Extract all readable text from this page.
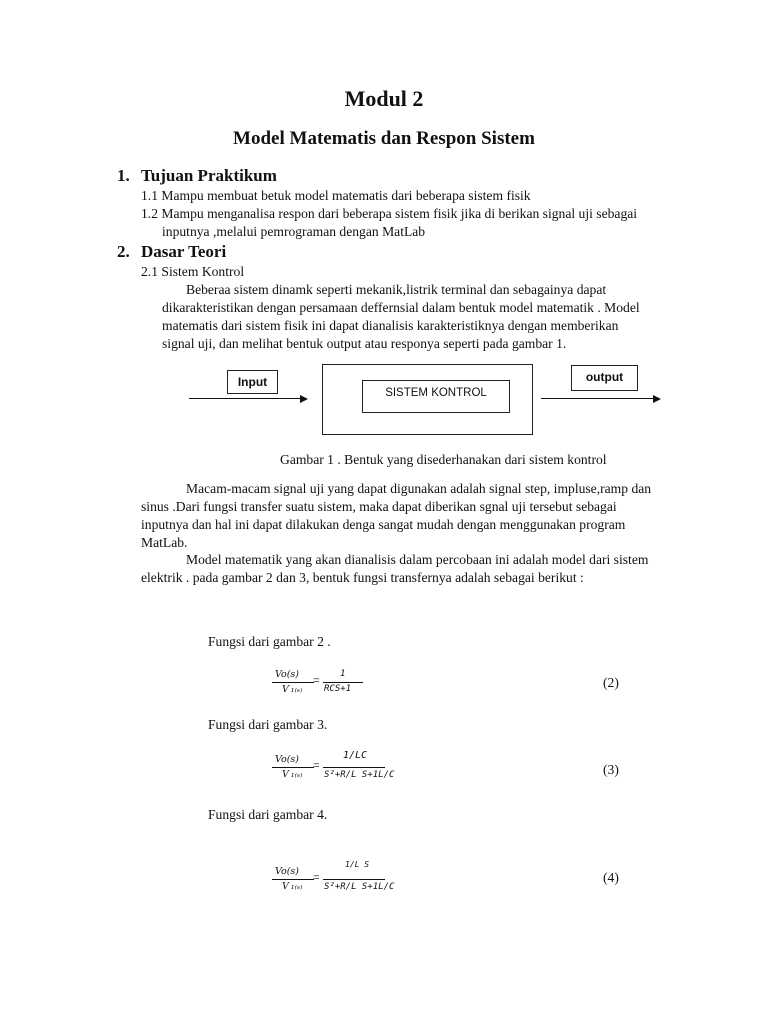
Modul 2
Model Matematis dan Respon Sistem
1. Tujuan Praktikum
1.1 Mampu membuat betuk model matematis dari beberapa sistem fisik
1.2 Mampu menganalisa respon dari beberapa sistem fisik jika di berikan signal uji sebagai
inputnya ,melalui pemrograman dengan MatLab
2. Dasar Teori
2.1 Sistem Kontrol
Beberaa sistem dinamk seperti mekanik,listrik terminal dan sebagainya dapat
dikarakteristikan dengan persamaan deffernsial dalam bentuk model matematik . Model
matematis dari sistem fisik ini dapat dianalisis karakteristiknya dengan memberikan
signal uji, dan melihat bentuk output atau responya seperti pada gambar 1.
Input
SISTEM KONTROL
output
Gambar 1 . Bentuk yang disederhanakan dari sistem kontrol
Macam-macam signal uji yang dapat digunakan adalah signal step, impluse,ramp dan
sinus .Dari fungsi transfer suatu sistem, maka dapat diberikan sgnal uji tersebut sebagai
inputnya dan hal ini dapat dilakukan denga sangat mudah dengan menggunakan program
MatLab.
Model matematik yang akan dianalisis dalam percobaan ini adalah model dari sistem
elektrik . pada gambar 2 dan 3, bentuk fungsi transfernya adalah sebagai berikut :
Fungsi dari gambar 2 .
Vo(s)
V ₁₍ₛ₎
= 1
RCS+1	(2)
Fungsi dari gambar 3.
Vo(s)
V ₁₍ₛ₎
=
1/LC
S²+R/L S+1L/C	(3)
Fungsi dari gambar 4.
Vo(s)
V ₁₍ₛ₎
=
1/L S
S²+R/L S+1L/C
(4)
